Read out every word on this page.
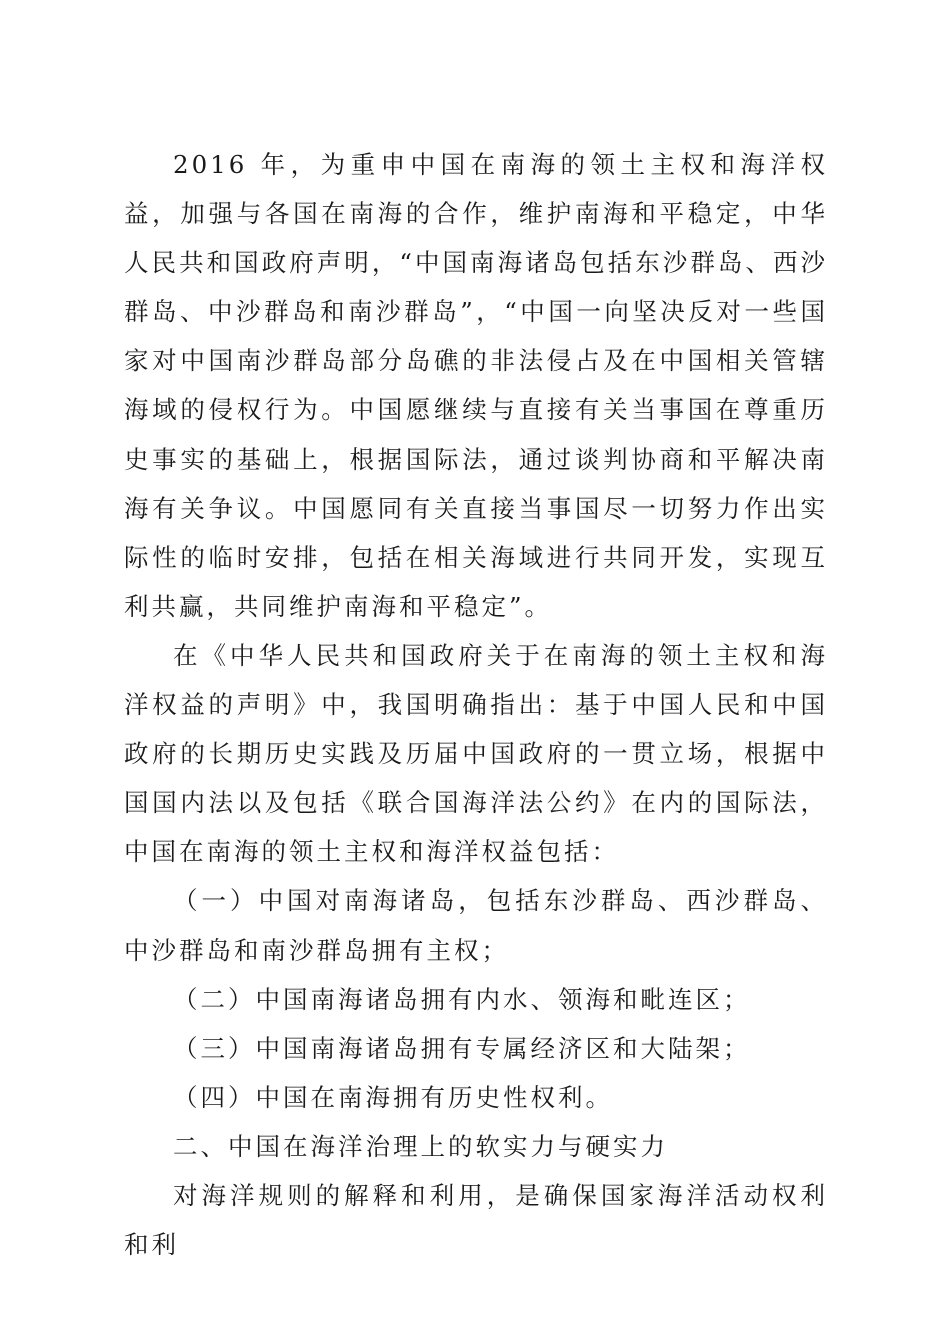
2016 年，为重申中国在南海的领土主权和海洋权益，加强与各国在南海的合作，维护南海和平稳定，中华人民共和国政府声明，“中国南海诸岛包括东沙群岛、西沙群岛、中沙群岛和南沙群岛”，“中国一向坚决反对一些国家对中国南沙群岛部分岛礁的非法侵占及在中国相关管辖海域的侵权行为。中国愿继续与直接有关当事国在尊重历史事实的基础上，根据国际法，通过谈判协商和平解决南海有关争议。中国愿同有关直接当事国尽一切努力作出实际性的临时安排，包括在相关海域进行共同开发，实现互利共赢，共同维护南海和平稳定”。

在《中华人民共和国政府关于在南海的领土主权和海洋权益的声明》中，我国明确指出：基于中国人民和中国政府的长期历史实践及历届中国政府的一贯立场，根据中国国内法以及包括《联合国海洋法公约》在内的国际法，中国在南海的领土主权和海洋权益包括：

（一）中国对南海诸岛，包括东沙群岛、西沙群岛、中沙群岛和南沙群岛拥有主权；

（二）中国南海诸岛拥有内水、领海和毗连区；

（三）中国南海诸岛拥有专属经济区和大陆架；

（四）中国在南海拥有历史性权利。

二、中国在海洋治理上的软实力与硬实力

对海洋规则的解释和利用，是确保国家海洋活动权利和利
